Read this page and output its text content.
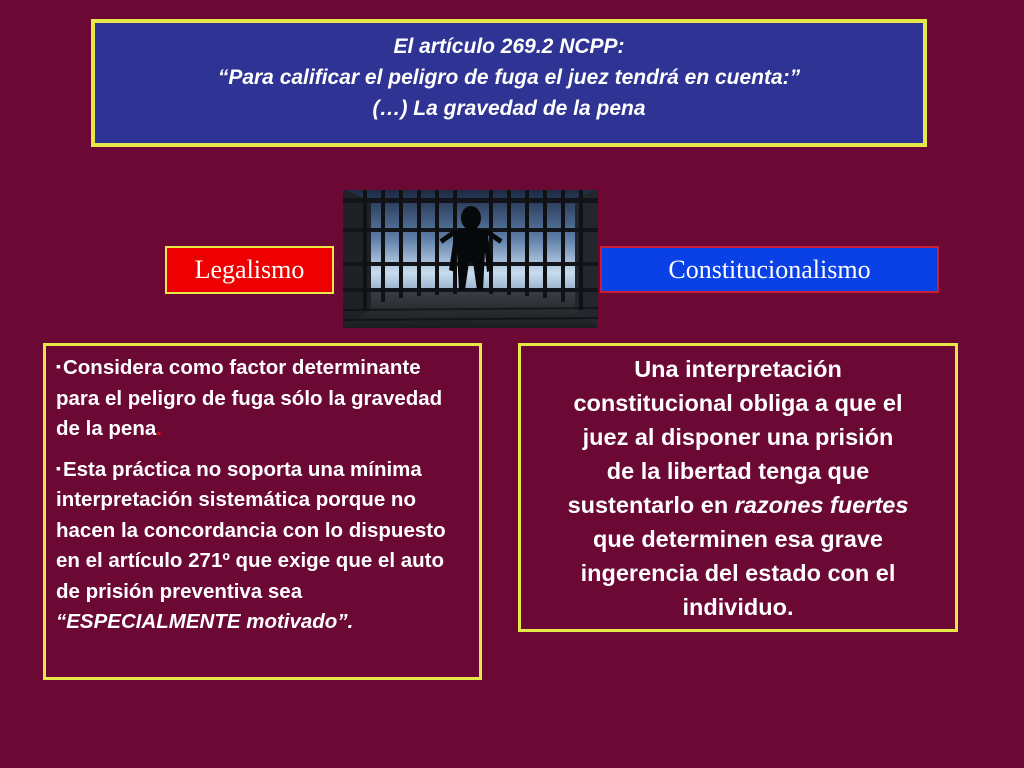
El artículo 269.2 NCPP:
“Para calificar el peligro de fuga el juez tendrá en cuenta:”
(…) La gravedad de la pena
Legalismo	Constitucionalismo

▪Considera como factor determinante para el peligro de fuga sólo la gravedad de la pena.

▪Esta práctica no soporta una mínima interpretación sistemática porque no hacen la concordancia con lo dispuesto en el artículo 271º que exige que el auto de prisión preventiva sea “ESPECIALMENTE motivado”.

Una interpretación
constitucional obliga a que el
juez al disponer una prisión
de la libertad tenga que
sustentarlo en razones fuertes
que determinen esa grave
ingerencia del estado con el
individuo.
